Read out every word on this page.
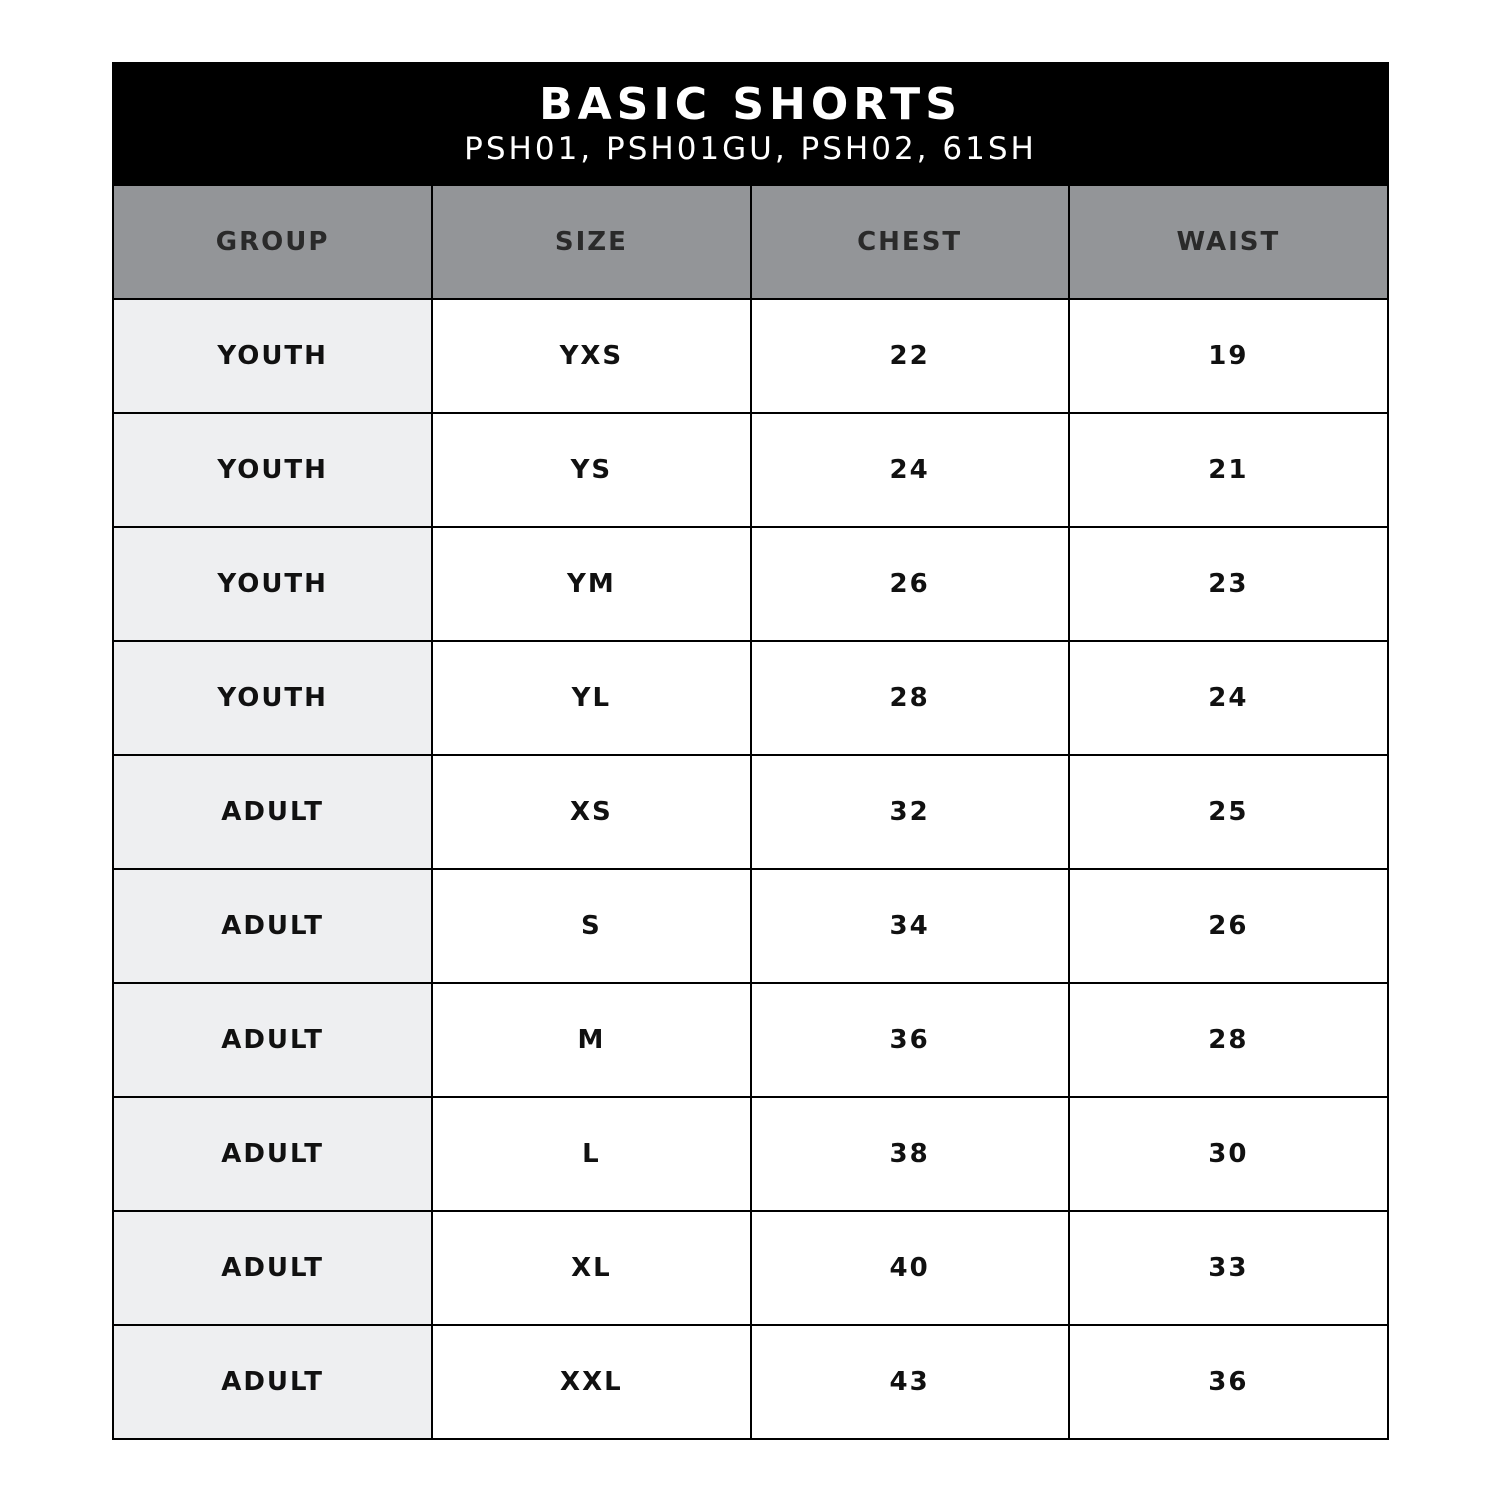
BASIC SHORTS
PSH01, PSH01GU, PSH02, 61SH
GROUP	SIZE	CHEST	WAIST
YOUTH	YXS	22	19
YOUTH	YS	24	21
YOUTH	YM	26	23
YOUTH	YL	28	24
ADULT	XS	32	25
ADULT	S	34	26
ADULT	M	36	28
ADULT	L	38	30
ADULT	XL	40	33
ADULT	XXL	43	36
